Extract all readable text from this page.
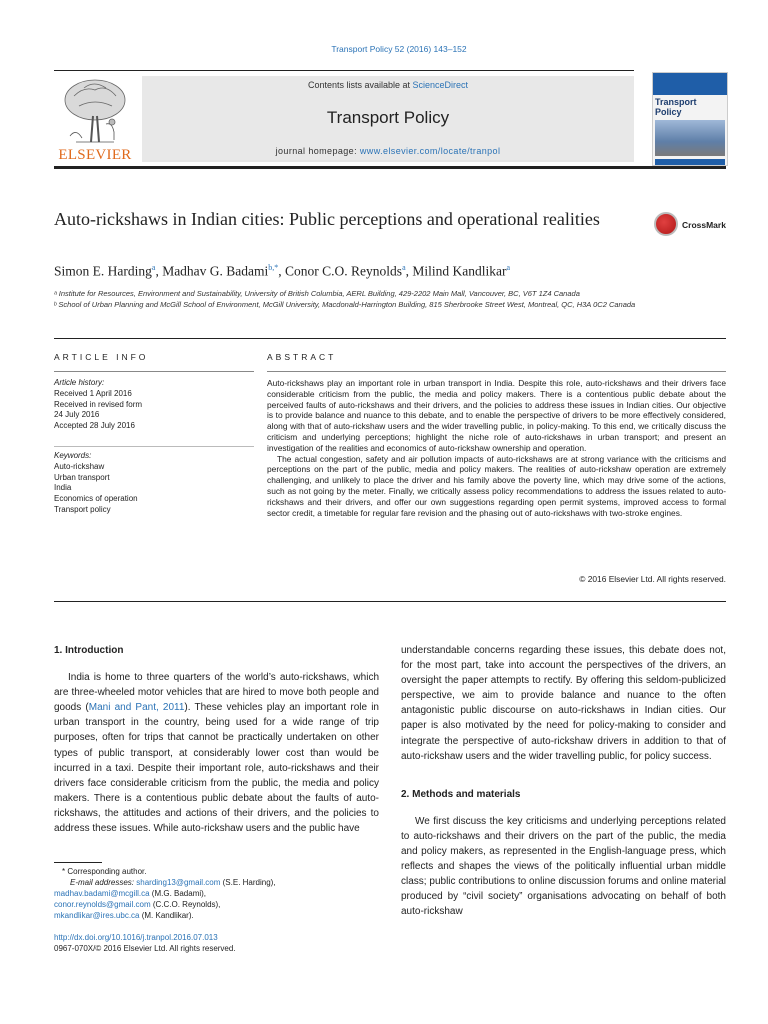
Transport Policy 52 (2016) 143–152
ELSEVIER
Contents lists available at ScienceDirect
Transport Policy
journal homepage: www.elsevier.com/locate/tranpol
Transport Policy
Auto-rickshaws in Indian cities: Public perceptions and operational realities	CrossMark
Simon E. Harding$^a$, Madhav G. Badami$^{b,*}$, Conor C.O. Reynolds$^a$, Milind Kandlikar$^a$

ᵃ Institute for Resources, Environment and Sustainability, University of British Columbia, AERL Building, 429-2202 Main Mall, Vancouver, BC, V6T 1Z4 Canada

ᵇ School of Urban Planning and McGill School of Environment, McGill University, Macdonald-Harrington Building, 815 Sherbrooke Street West, Montreal, QC, H3A 0C2 Canada

ARTICLE INFO	ABSTRACT
Article history:
Received 1 April 2016
Received in revised form
24 July 2016
Accepted 28 July 2016
Keywords:
Auto-rickshaw
Urban transport
India
Economics of operation
Transport policy

Auto-rickshaws play an important role in urban transport in India. Despite this role, auto-rickshaws and their drivers face considerable criticism from the public, the media and policy makers. There is a contentious public debate about the perceived faults of auto-rickshaws and their drivers, and the policies to address these issues in Indian cities. Our objective is to provide balance and nuance to this debate, and to enable the perspective of drivers to be more effectively considered, along with that of auto-rickshaw users and the wider travelling public, in policy-making. To this end, we critically discuss the criticism and underlying perceptions; highlight the niche role of auto-rickshaws in urban transport; and present an investigation of the realities and economics of auto-rickshaw ownership and operation.

The actual congestion, safety and air pollution impacts of auto-rickshaws are at strong variance with the criticisms and perceptions on the part of the public, media and policy makers. The realities of auto-rickshaw operation are extremely challenging, and unlikely to place the driver and his family above the poverty line, which may drive some of the actions, such as not going by the meter. Finally, we critically assess policy recommendations to address the issues related to auto-rickshaws and their drivers, and offer our own suggestions regarding open permit systems, improved access to formal sector credit, a timetable for regular fare revision and the phasing out of auto-rickshaws with two-stroke engines.

© 2016 Elsevier Ltd. All rights reserved.

1. Introduction

India is home to three quarters of the world’s auto-rickshaws, which are three-wheeled motor vehicles that are hired to move both people and goods (Mani and Pant, 2011). These vehicles play an important role in urban transport in the country, being used for a wide range of trip purposes, often for trips that cannot be practically undertaken on other types of public transport, at considerably lower cost than would be incurred in a taxi. Despite their important role, auto-rickshaws and their drivers face considerable criticism from the public, the media and policy makers. There is a contentious public debate about the faults of auto-rickshaws, the attitudes and actions of their drivers, and the policies to address these issues. While auto-rickshaw users and the public have

understandable concerns regarding these issues, this debate does not, for the most part, take into account the perspectives of the drivers, an oversight the paper attempts to rectify. By offering this seldom-publicized perspective, we aim to provide balance and nuance to the often antagonistic public discourse on auto-rickshaws in Indian cities. Our paper is also motivated by the need for policy-making to consider and integrate the perspective of auto-rickshaw drivers in addition to that of auto-rickshaw users and the wider travelling public, for policy success.

2. Methods and materials

We first discuss the key criticisms and underlying perceptions related to auto-rickshaws and their drivers on the part of the public, the media and policy makers, as represented in the English-language press, which reflects and shapes the views of the politically influential urban middle class; public contributions to online discussion forums and online material produced by “civil society” organisations advocating on behalf of both auto-rickshaw

* Corresponding author.

E-mail addresses: sharding13@gmail.com (S.E. Harding),

madhav.badami@mcgill.ca (M.G. Badami),

conor.reynolds@gmail.com (C.C.O. Reynolds),

mkandlikar@ires.ubc.ca (M. Kandlikar).

http://dx.doi.org/10.1016/j.tranpol.2016.07.013

0967-070X/© 2016 Elsevier Ltd. All rights reserved.
